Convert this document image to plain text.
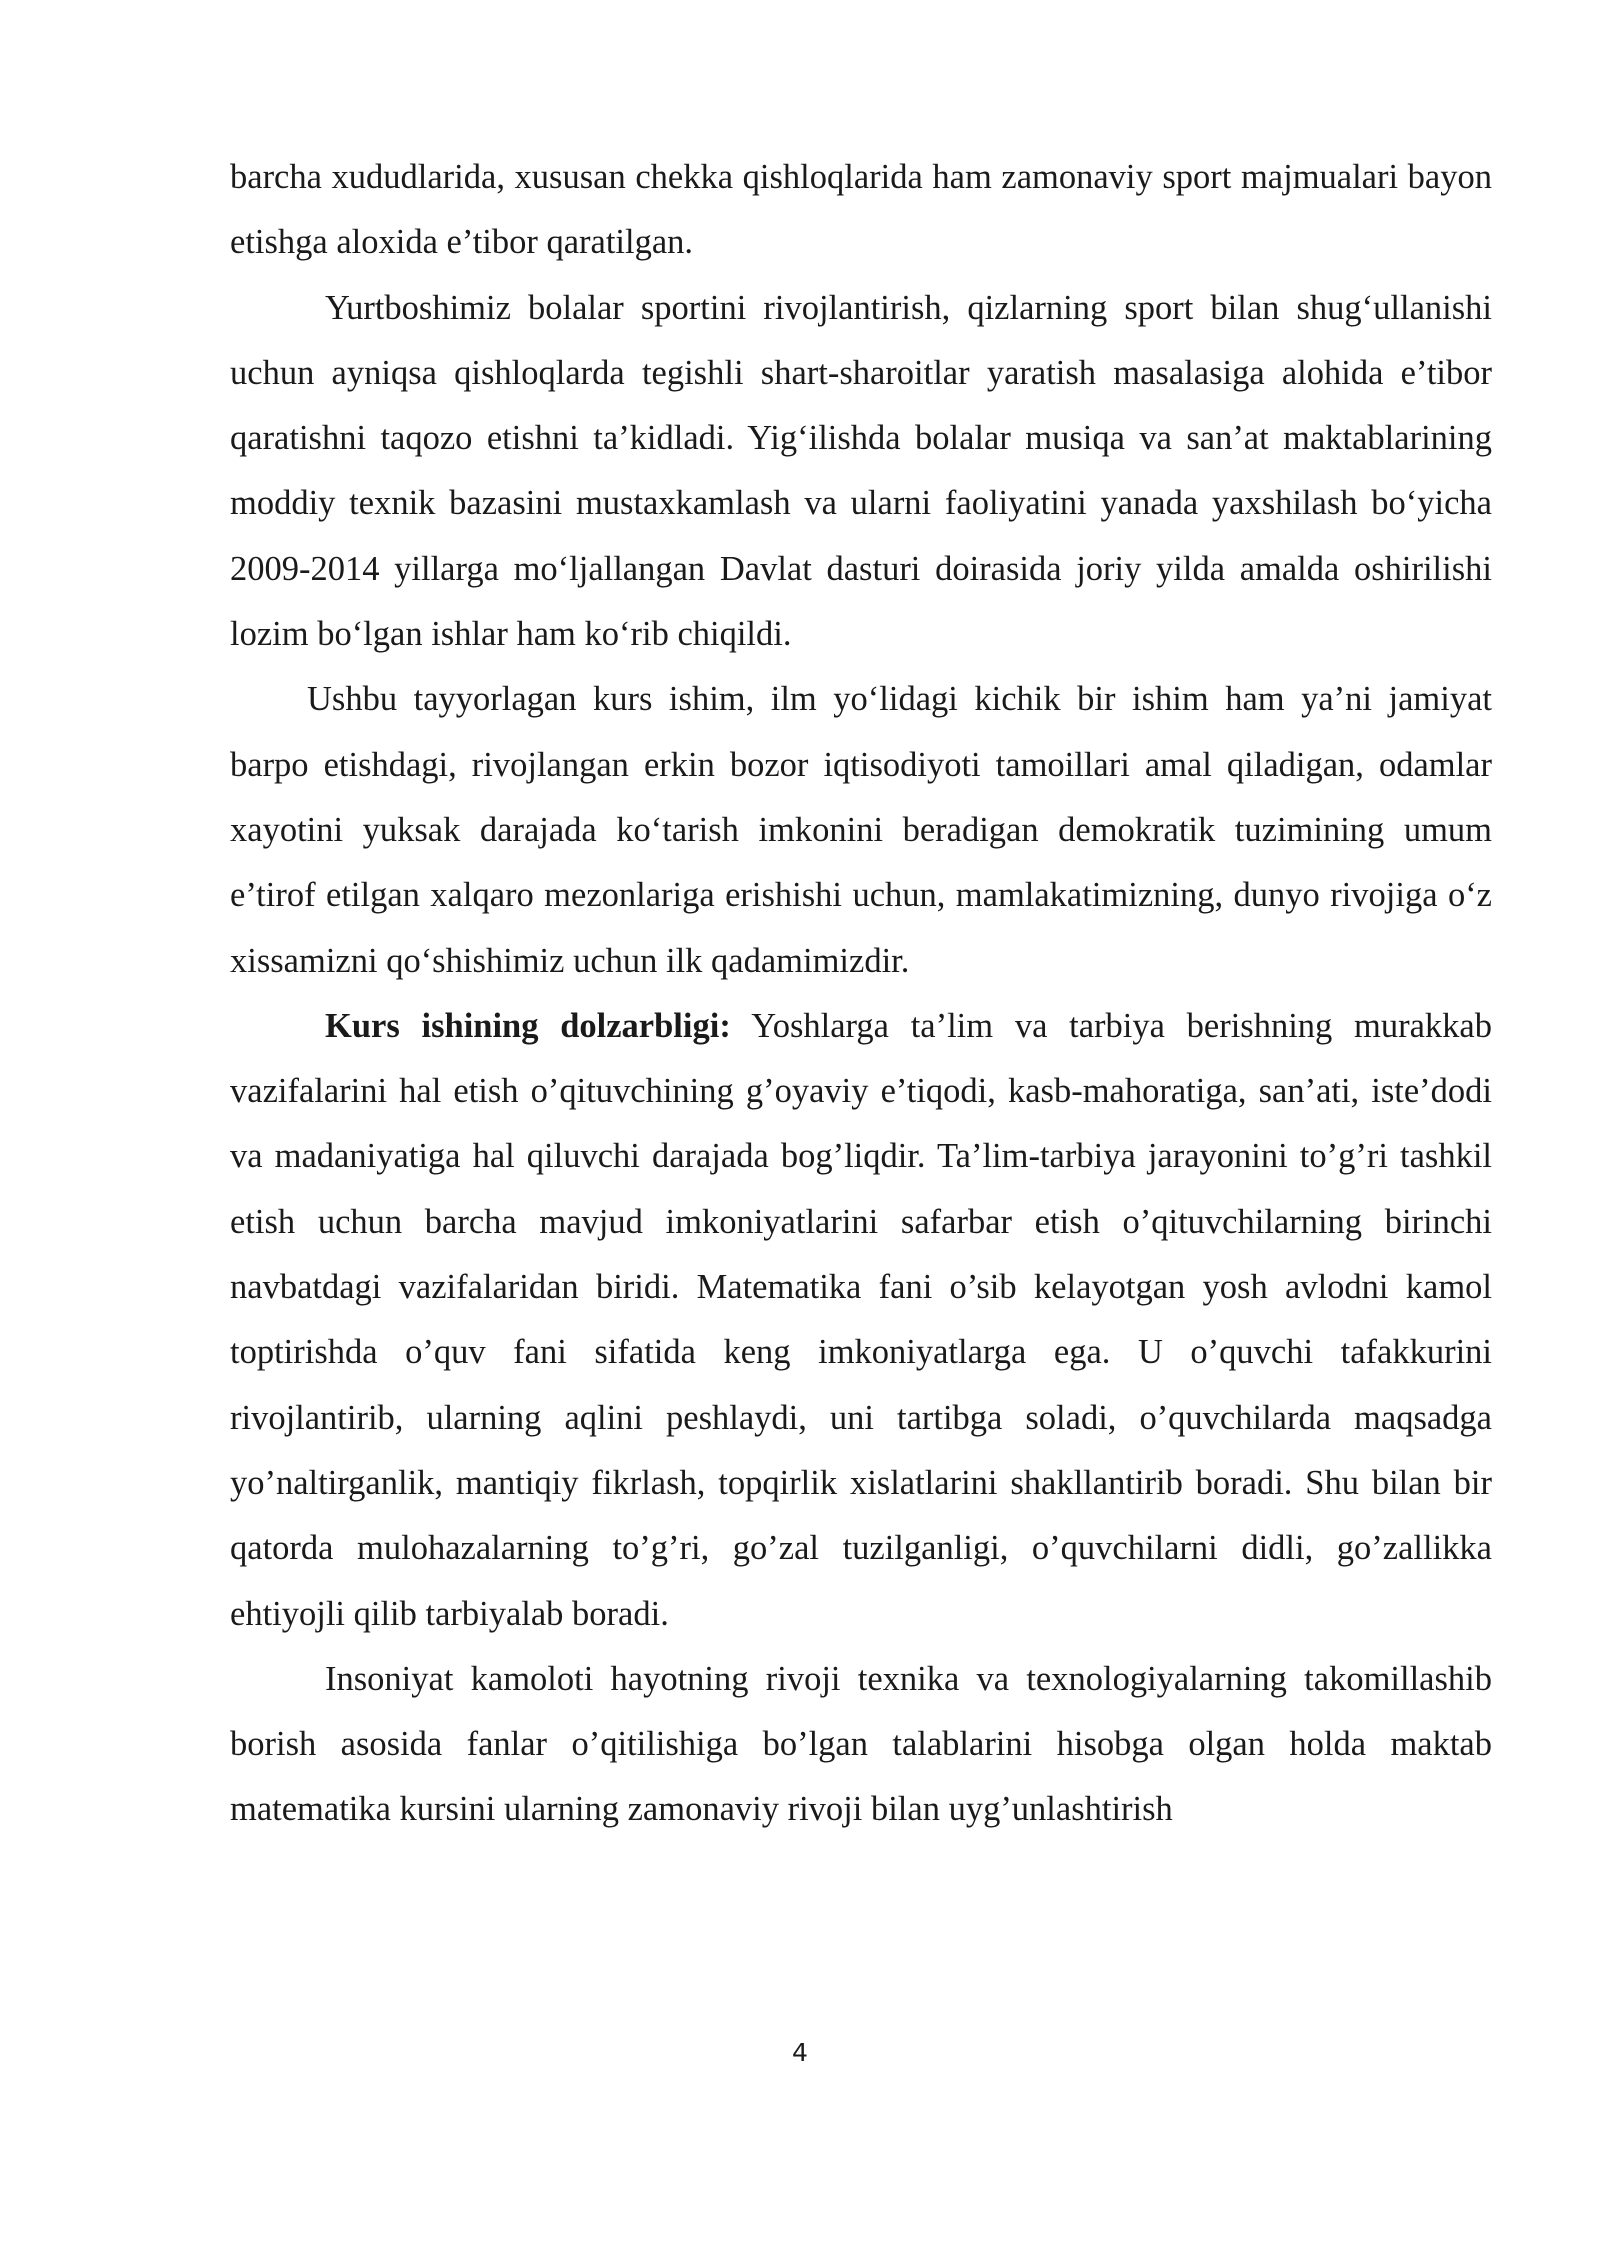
barcha xududlarida, xususan chekka qishloqlarida ham zamonaviy sport majmualari bayon etishga aloxida e’tibor qaratilgan.

Yurtboshimiz bolalar sportini rivojlantirish, qizlarning sport bilan shug‘ullanishi uchun ayniqsa qishloqlarda tegishli shart-sharoitlar yaratish masalasiga alohida e’tibor qaratishni taqozo etishni ta’kidladi. Yig‘ilishda bolalar musiqa va san’at maktablarining moddiy texnik bazasini mustaxkamlash va ularni faoliyatini yanada yaxshilash bo‘yicha 2009-2014 yillarga mo‘ljallangan Davlat dasturi doirasida joriy yilda amalda oshirilishi lozim bo‘lgan ishlar ham ko‘rib chiqildi.

Ushbu tayyorlagan kurs ishim, ilm yo‘lidagi kichik bir ishim ham ya’ni jamiyat barpo etishdagi, rivojlangan erkin bozor iqtisodiyoti tamoillari amal qiladigan, odamlar xayotini yuksak darajada ko‘tarish imkonini beradigan demokratik tuzimining umum e’tirof etilgan xalqaro mezonlariga erishishi uchun, mamlakatimizning, dunyo rivojiga o‘z xissamizni qo‘shishimiz uchun ilk qadamimizdir.

Kurs ishining dolzarbligi: Yoshlarga ta’lim va tarbiya berishning murakkab vazifalarini hal etish o’qituvchining g’oyaviy e’tiqodi, kasb-mahoratiga, san’ati, iste’dodi va madaniyatiga hal qiluvchi darajada bog’liqdir. Ta’lim-tarbiya jarayonini to’g’ri tashkil etish uchun barcha mavjud imkoniyatlarini safarbar etish o’qituvchilarning birinchi navbatdagi vazifalaridan biridi. Matematika fani o’sib kelayotgan yosh avlodni kamol toptirishda o’quv fani sifatida keng imkoniyatlarga ega. U o’quvchi tafakkurini rivojlantirib, ularning aqlini peshlaydi, uni tartibga soladi, o’quvchilarda maqsadga yo’naltirganlik, mantiqiy fikrlash, topqirlik xislatlarini shakllantirib boradi. Shu bilan bir qatorda mulohazalarning to’g’ri, go’zal tuzilganligi, o’quvchilarni didli, go’zallikka ehtiyojli qilib tarbiyalab boradi.

Insoniyat kamoloti hayotning rivoji texnika va texnologiyalarning takomillashib borish asosida fanlar o’qitilishiga bo’lgan talablarini hisobga olgan holda maktab matematika kursini ularning zamonaviy rivoji bilan uyg’unlashtirish

4
